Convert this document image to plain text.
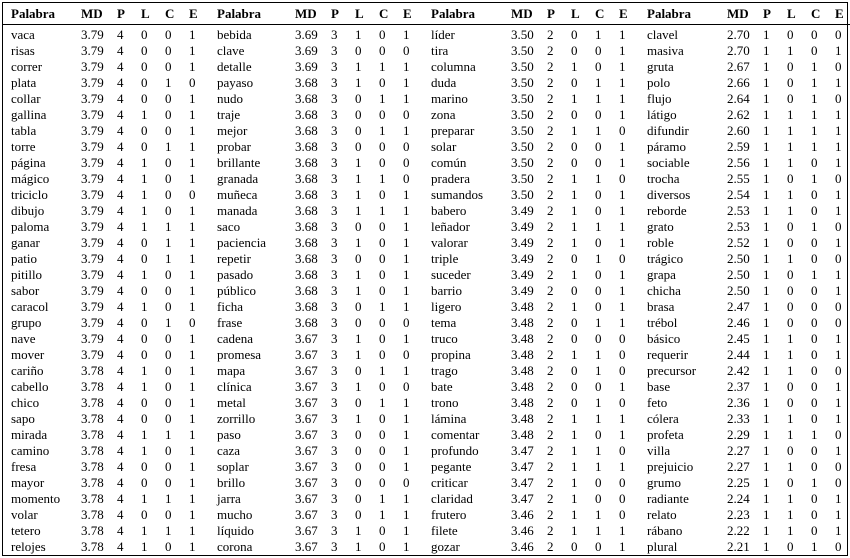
Palabra	MD	P	L	C	E	Palabra	MD	P	L	C	E	Palabra	MD	P	L	C	E	Palabra	MD	P	L	C	E
vaca	3.79	4	0	0	1	bebida	3.69	3	1	0	1	líder	3.50	2	0	1	1	clavel	2.70	1	0	0	0
risas	3.79	4	0	0	1	clave	3.69	3	0	0	0	tira	3.50	2	0	0	1	masiva	2.70	1	1	0	1
correr	3.79	4	0	0	1	detalle	3.69	3	1	1	1	columna	3.50	2	1	0	1	gruta	2.67	1	0	1	0
plata	3.79	4	0	1	0	payaso	3.68	3	1	0	1	duda	3.50	2	0	1	1	polo	2.66	1	0	1	1
collar	3.79	4	0	0	1	nudo	3.68	3	0	1	1	marino	3.50	2	1	1	1	flujo	2.64	1	0	1	0
gallina	3.79	4	1	0	1	traje	3.68	3	0	0	0	zona	3.50	2	0	0	1	látigo	2.62	1	1	1	1
tabla	3.79	4	0	0	1	mejor	3.68	3	0	1	1	preparar	3.50	2	1	1	0	difundir	2.60	1	1	1	1
torre	3.79	4	0	1	1	probar	3.68	3	0	0	0	solar	3.50	2	0	0	1	páramo	2.59	1	1	1	1
página	3.79	4	1	0	1	brillante	3.68	3	1	0	0	común	3.50	2	0	0	1	sociable	2.56	1	1	0	1
mágico	3.79	4	1	0	1	granada	3.68	3	1	1	0	pradera	3.50	2	1	1	0	trocha	2.55	1	0	1	0
triciclo	3.79	4	1	0	0	muñeca	3.68	3	1	0	1	sumandos	3.50	2	1	0	1	diversos	2.54	1	1	0	1
dibujo	3.79	4	1	0	1	manada	3.68	3	1	1	1	babero	3.49	2	1	0	1	reborde	2.53	1	1	0	1
paloma	3.79	4	1	1	1	saco	3.68	3	0	0	1	leñador	3.49	2	1	1	1	grato	2.53	1	0	1	0
ganar	3.79	4	0	1	1	paciencia	3.68	3	1	0	1	valorar	3.49	2	1	0	1	roble	2.52	1	0	0	1
patio	3.79	4	0	1	1	repetir	3.68	3	0	0	1	triple	3.49	2	0	1	0	trágico	2.50	1	1	0	0
pitillo	3.79	4	1	0	1	pasado	3.68	3	1	0	1	suceder	3.49	2	1	0	1	grapa	2.50	1	0	1	1
sabor	3.79	4	0	0	1	público	3.68	3	1	0	1	barrio	3.49	2	0	0	1	chicha	2.50	1	0	0	1
caracol	3.79	4	1	0	1	ficha	3.68	3	0	1	1	ligero	3.48	2	1	0	1	brasa	2.47	1	0	0	0
grupo	3.79	4	0	1	0	frase	3.68	3	0	0	0	tema	3.48	2	0	1	1	trébol	2.46	1	0	0	0
nave	3.79	4	0	0	1	cadena	3.67	3	1	0	1	truco	3.48	2	0	0	0	básico	2.45	1	1	0	1
mover	3.79	4	0	0	1	promesa	3.67	3	1	0	0	propina	3.48	2	1	1	0	requerir	2.44	1	1	0	1
cariño	3.78	4	1	0	1	mapa	3.67	3	0	1	1	trago	3.48	2	0	1	0	precursor	2.42	1	1	0	0
cabello	3.78	4	1	0	1	clínica	3.67	3	1	0	0	bate	3.48	2	0	0	1	base	2.37	1	0	0	1
chico	3.78	4	0	0	1	metal	3.67	3	0	1	1	trono	3.48	2	0	1	0	feto	2.36	1	0	0	1
sapo	3.78	4	0	0	1	zorrillo	3.67	3	1	0	1	lámina	3.48	2	1	1	1	cólera	2.33	1	1	0	1
mirada	3.78	4	1	1	1	paso	3.67	3	0	0	1	comentar	3.48	2	1	0	1	profeta	2.29	1	1	1	0
camino	3.78	4	1	0	1	caza	3.67	3	0	0	1	profundo	3.47	2	1	1	0	villa	2.27	1	0	0	1
fresa	3.78	4	0	0	1	soplar	3.67	3	0	0	1	pegante	3.47	2	1	1	1	prejuicio	2.27	1	1	0	0
mayor	3.78	4	0	0	1	brillo	3.67	3	0	0	0	criticar	3.47	2	1	0	0	grumo	2.25	1	0	1	0
momento	3.78	4	1	1	1	jarra	3.67	3	0	1	1	claridad	3.47	2	1	0	0	radiante	2.24	1	1	0	1
volar	3.78	4	0	0	1	mucho	3.67	3	0	1	1	frutero	3.46	2	1	1	0	relato	2.23	1	1	0	1
tetero	3.78	4	1	1	1	líquido	3.67	3	1	0	1	filete	3.46	2	1	1	1	rábano	2.22	1	1	0	1
relojes	3.78	4	1	0	1	corona	3.67	3	1	0	1	gozar	3.46	2	0	0	1	plural	2.21	1	0	1	0
